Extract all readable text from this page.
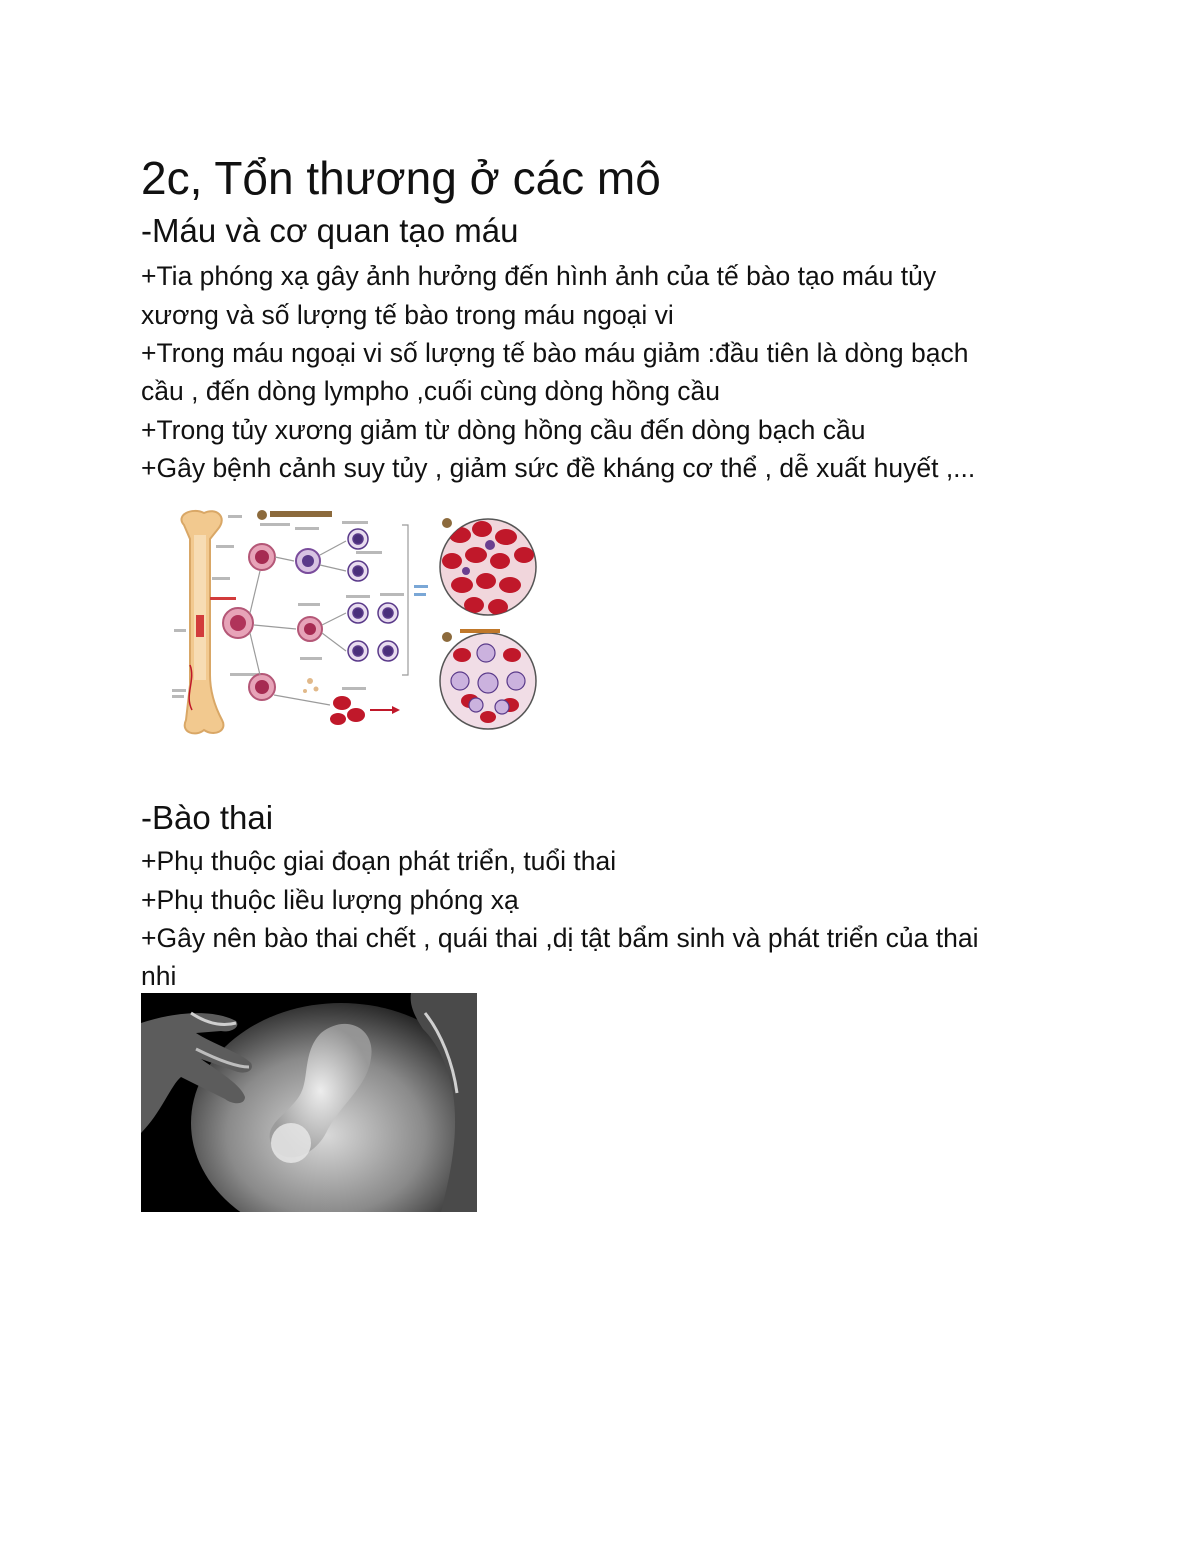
2c, Tổn thương ở các mô
-Máu và cơ quan tạo máu
+Tia phóng xạ gây ảnh hưởng đến hình ảnh của tế bào tạo máu tủy
xương và số lượng tế bào trong máu ngoại vi
+Trong máu ngoại vi số lượng tế bào máu giảm :đầu tiên là dòng bạch
cầu , đến dòng lympho ,cuối cùng dòng hồng cầu
+Trong tủy xương giảm từ dòng hồng cầu đến dòng bạch cầu
+Gây bệnh cảnh suy tủy , giảm sức đề kháng cơ thể , dễ xuất huyết ,...
-Bào thai
+Phụ thuộc giai đoạn phát triển, tuổi thai
+Phụ thuộc liều lượng phóng xạ
+Gây nên bào thai chết , quái thai ,dị tật bẩm sinh và phát triển của thai
nhi
